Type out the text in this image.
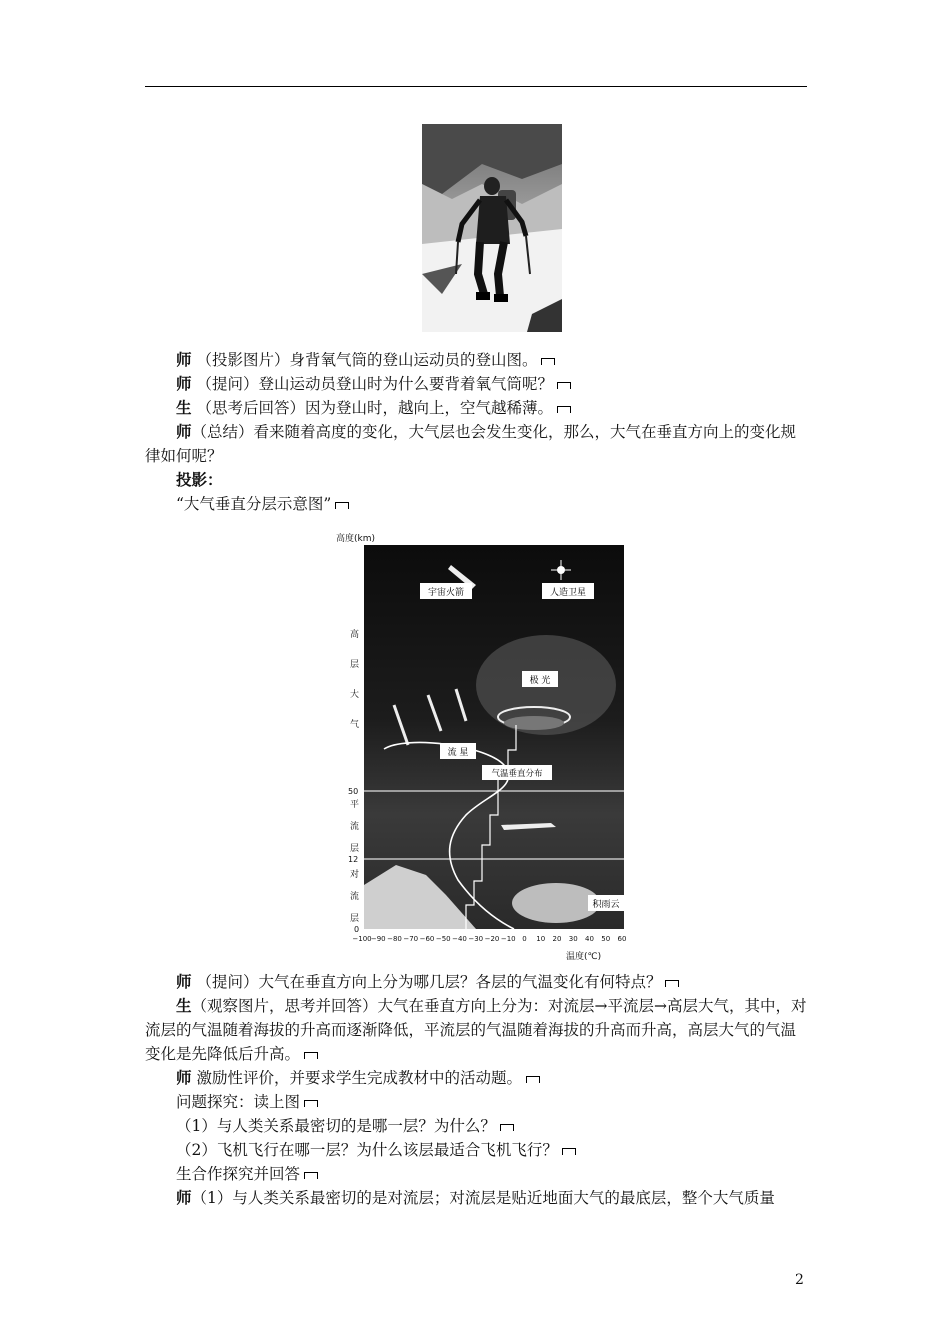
师 （投影图片）身背氧气筒的登山运动员的登山图。

师 （提问）登山运动员登山时为什么要背着氧气筒呢？

生 （思考后回答）因为登山时，越向上，空气越稀薄。

师（总结）看来随着高度的变化，大气层也会发生变化，那么，大气在垂直方向上的变化规律如何呢？

投影：

“大气垂直分层示意图”

高度(km)
宇宙火箭	人造卫星
极 光
流 星
气温垂直分布
积雨云
高
层
大
气
平
流
层
对
流
层
50
12
0
−100 −90 −80 −70 −60 −50 −40 −30 −20 −10 0 10 20 30 40 50 60
温度(℃)

师 （提问）大气在垂直方向上分为哪几层？各层的气温变化有何特点？

生（观察图片，思考并回答）大气在垂直方向上分为：对流层→平流层→高层大气，其中，对流层的气温随着海拔的升高而逐渐降低，平流层的气温随着海拔的升高而升高，高层大气的气温变化是先降低后升高。

师 激励性评价，并要求学生完成教材中的活动题。

问题探究：读上图

（1）与人类关系最密切的是哪一层？为什么？

（2）飞机飞行在哪一层？为什么该层最适合飞机飞行？

生合作探究并回答

师（1）与人类关系最密切的是对流层；对流层是贴近地面大气的最底层，整个大气质量

2
